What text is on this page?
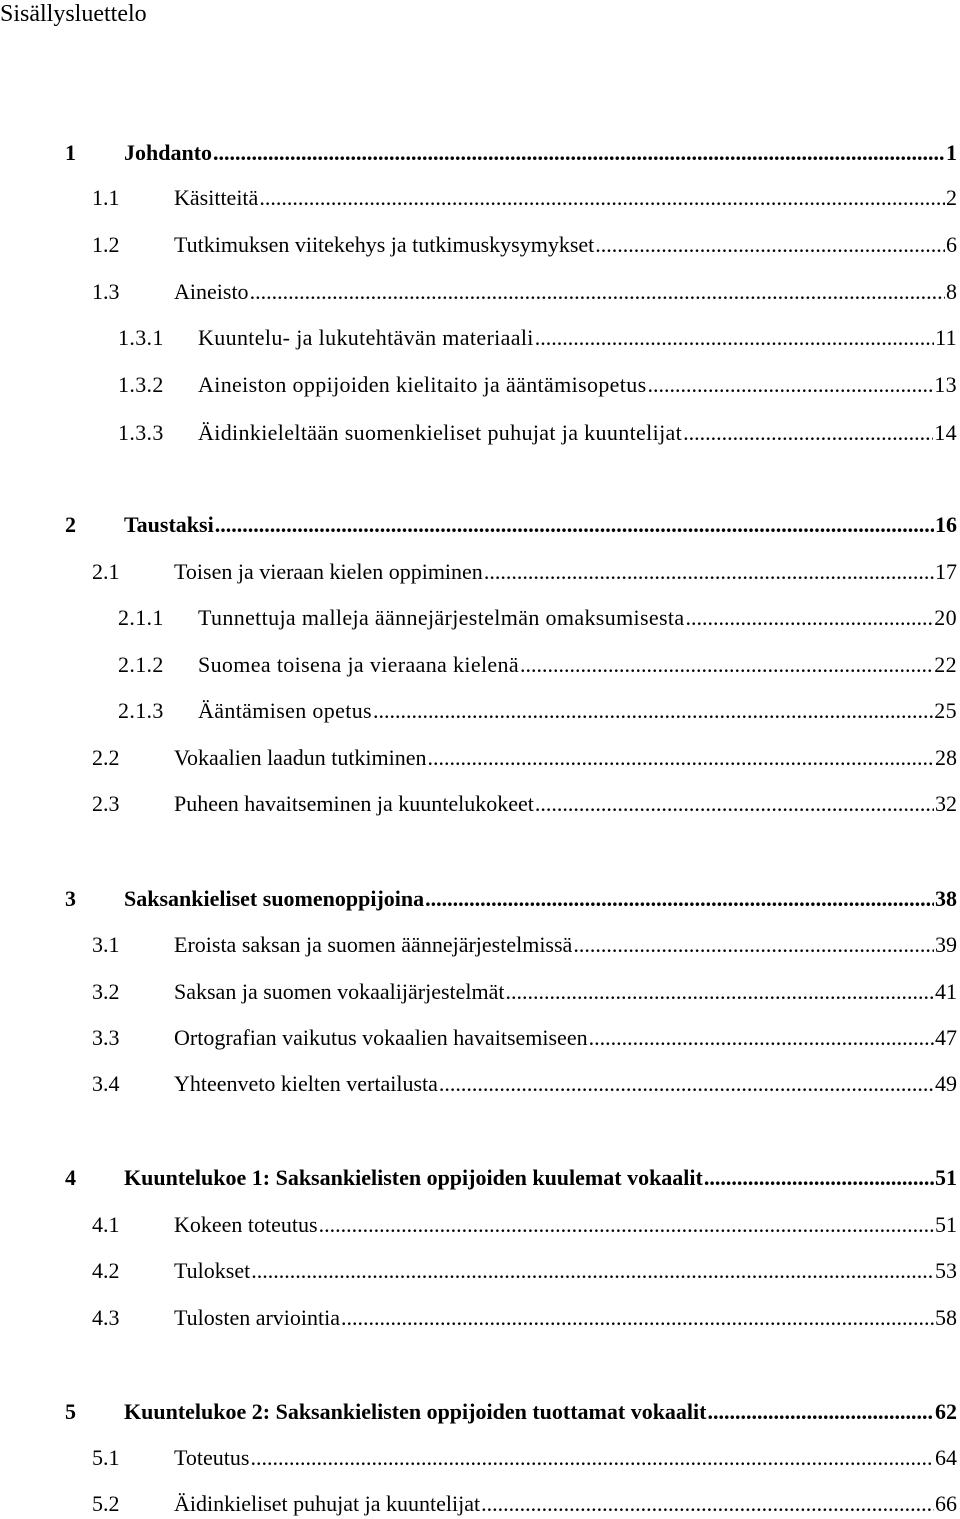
Sisällysluettelo
1 Johdanto .....	1
1.1 Käsitteitä .....	2
1.2 Tutkimuksen viitekehys ja tutkimuskysymykset .....	6
1.3 Aineisto .....	8
1.3.1 Kuuntelu- ja lukutehtävän materiaali .....	11
1.3.2 Aineiston oppijoiden kielitaito ja ääntämisopetus .....	13
1.3.3 Äidinkieleltään suomenkieliset puhujat ja kuuntelijat .....	14
2 Taustaksi .....	16
2.1 Toisen ja vieraan kielen oppiminen .....	17
2.1.1 Tunnettuja malleja äännejärjestelmän omaksumisesta .....	20
2.1.2 Suomea toisena ja vieraana kielenä .....	22
2.1.3 Ääntämisen opetus .....	25
2.2 Vokaalien laadun tutkiminen .....	28
2.3 Puheen havaitseminen ja kuuntelukokeet .....	32
3 Saksankieliset suomenoppijoina .....	38
3.1 Eroista saksan ja suomen äännejärjestelmissä .....	39
3.2 Saksan ja suomen vokaalijärjestelmät .....	41
3.3 Ortografian vaikutus vokaalien havaitsemiseen .....	47
3.4 Yhteenveto kielten vertailusta .....	49
4 Kuuntelukoe 1: Saksankielisten oppijoiden kuulemat vokaalit .....	51
4.1 Kokeen toteutus .....	51
4.2 Tulokset .....	53
4.3 Tulosten arviointia .....	58
5 Kuuntelukoe 2: Saksankielisten oppijoiden tuottamat vokaalit .....	62
5.1 Toteutus .....	64
5.2 Äidinkieliset puhujat ja kuuntelijat .....	66
